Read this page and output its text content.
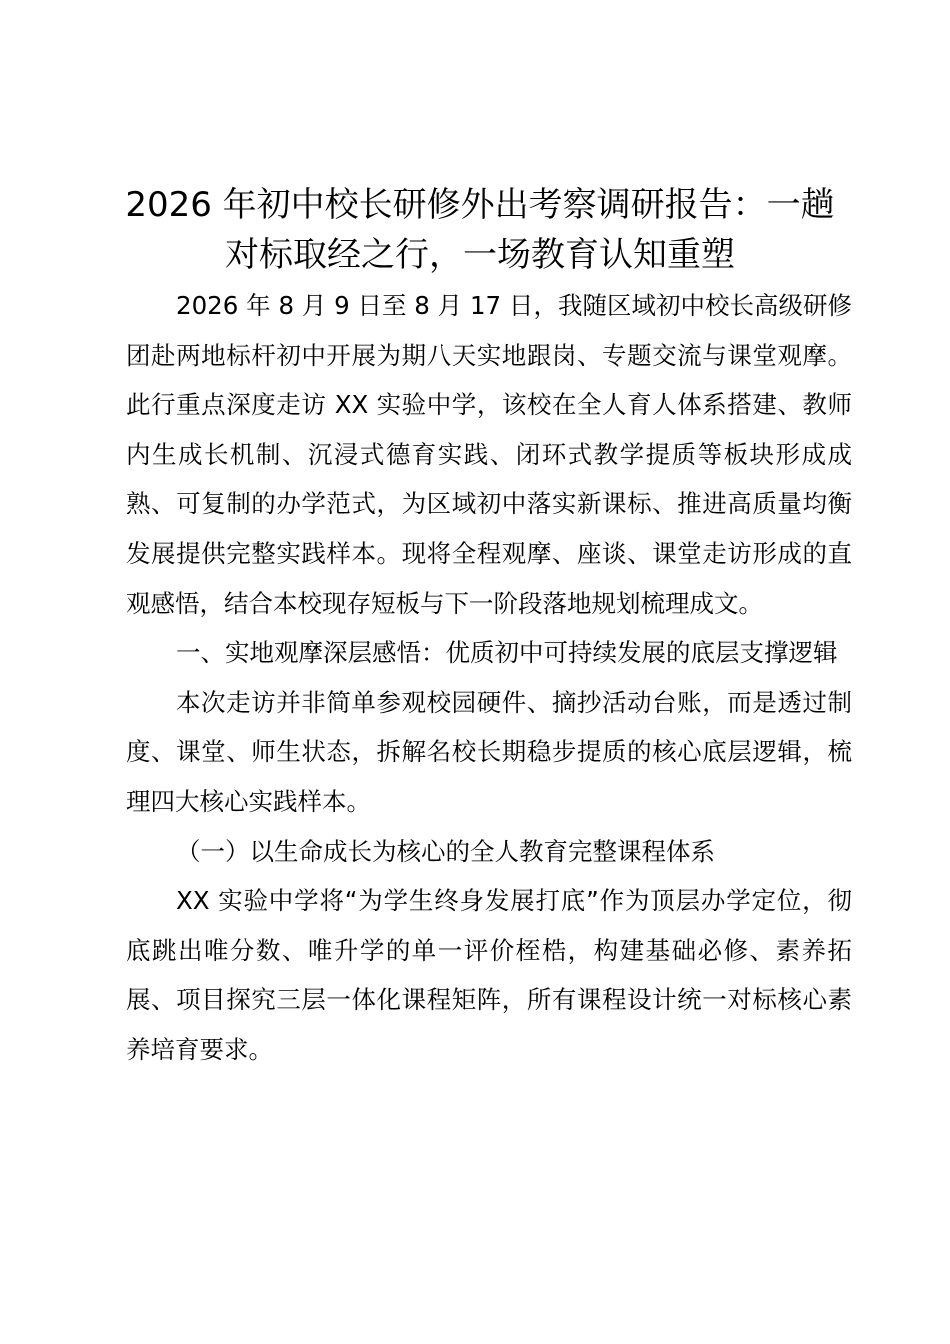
2026 年初中校长研修外出考察调研报告：一趟对标取经之行，一场教育认知重塑

2026 年 8 月 9 日至 8 月 17 日，我随区域初中校长高级研修团赴两地标杆初中开展为期八天实地跟岗、专题交流与课堂观摩。此行重点深度走访 XX 实验中学，该校在全人育人体系搭建、教师内生成长机制、沉浸式德育实践、闭环式教学提质等板块形成成熟、可复制的办学范式，为区域初中落实新课标、推进高质量均衡发展提供完整实践样本。现将全程观摩、座谈、课堂走访形成的直观感悟，结合本校现存短板与下一阶段落地规划梳理成文。

一、实地观摩深层感悟：优质初中可持续发展的底层支撑逻辑

本次走访并非简单参观校园硬件、摘抄活动台账，而是透过制度、课堂、师生状态，拆解名校长期稳步提质的核心底层逻辑，梳理四大核心实践样本。

（一）以生命成长为核心的全人教育完整课程体系

XX 实验中学将“为学生终身发展打底”作为顶层办学定位，彻底跳出唯分数、唯升学的单一评价桎梏，构建基础必修、素养拓展、项目探究三层一体化课程矩阵，所有课程设计统一对标核心素养培育要求。
